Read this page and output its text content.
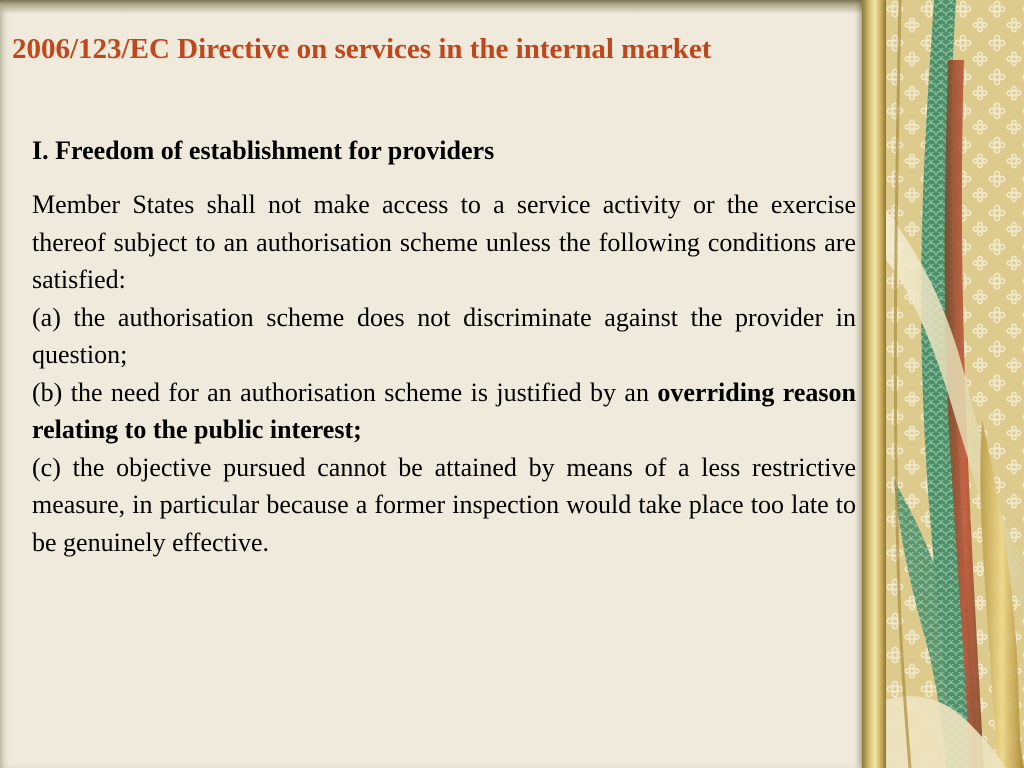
2006/123/EC Directive on services in the internal market
I. Freedom of establishment for providers

Member States shall not make access to a service activity or the exercise thereof subject to an authorisation scheme unless the following conditions are satisfied:

(a) the authorisation scheme does not discriminate against the provider in question;

(b) the need for an authorisation scheme is justified by an overriding reason relating to the public interest;

(c) the objective pursued cannot be attained by means of a less restrictive measure, in particular because a former inspection would take place too late to be genuinely effective.
